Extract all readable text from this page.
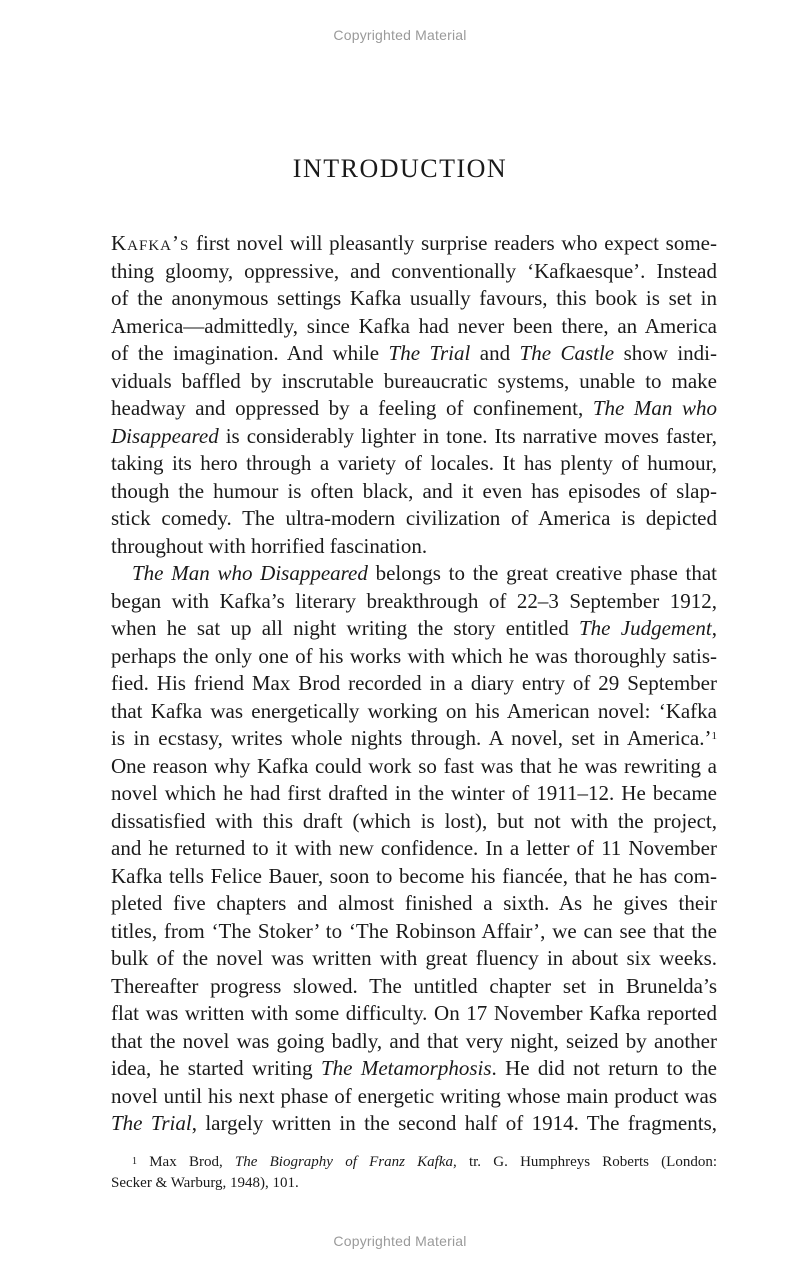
Copyrighted Material
INTRODUCTION
Kafka’s first novel will pleasantly surprise readers who expect some-
thing gloomy, oppressive, and conventionally ‘Kafkaesque’. Instead
of the anonymous settings Kafka usually favours, this book is set in
America—admittedly, since Kafka had never been there, an America
of the imagination. And while The Trial and The Castle show indi-
viduals baffled by inscrutable bureaucratic systems, unable to make
headway and oppressed by a feeling of confinement, The Man who
Disappeared is considerably lighter in tone. Its narrative moves faster,
taking its hero through a variety of locales. It has plenty of humour,
though the humour is often black, and it even has episodes of slap-
stick comedy. The ultra-modern civilization of America is depicted
throughout with horrified fascination.
The Man who Disappeared belongs to the great creative phase that
began with Kafka’s literary breakthrough of 22–3 September 1912,
when he sat up all night writing the story entitled The Judgement,
perhaps the only one of his works with which he was thoroughly satis-
fied. His friend Max Brod recorded in a diary entry of 29 September
that Kafka was energetically working on his American novel: ‘Kafka
is in ecstasy, writes whole nights through. A novel, set in America.’$^1$
One reason why Kafka could work so fast was that he was rewriting a
novel which he had first drafted in the winter of 1911–12. He became
dissatisfied with this draft (which is lost), but not with the project,
and he returned to it with new confidence. In a letter of 11 November
Kafka tells Felice Bauer, soon to become his fiancée, that he has com-
pleted five chapters and almost finished a sixth. As he gives their
titles, from ‘The Stoker’ to ‘The Robinson Affair’, we can see that the
bulk of the novel was written with great fluency in about six weeks.
Thereafter progress slowed. The untitled chapter set in Brunelda’s
flat was written with some difficulty. On 17 November Kafka reported
that the novel was going badly, and that very night, seized by another
idea, he started writing The Metamorphosis. He did not return to the
novel until his next phase of energetic writing whose main product was
The Trial, largely written in the second half of 1914. The fragments,
$^1$ Max Brod, The Biography of Franz Kafka, tr. G. Humphreys Roberts (London:
Secker & Warburg, 1948), 101.
Copyrighted Material
